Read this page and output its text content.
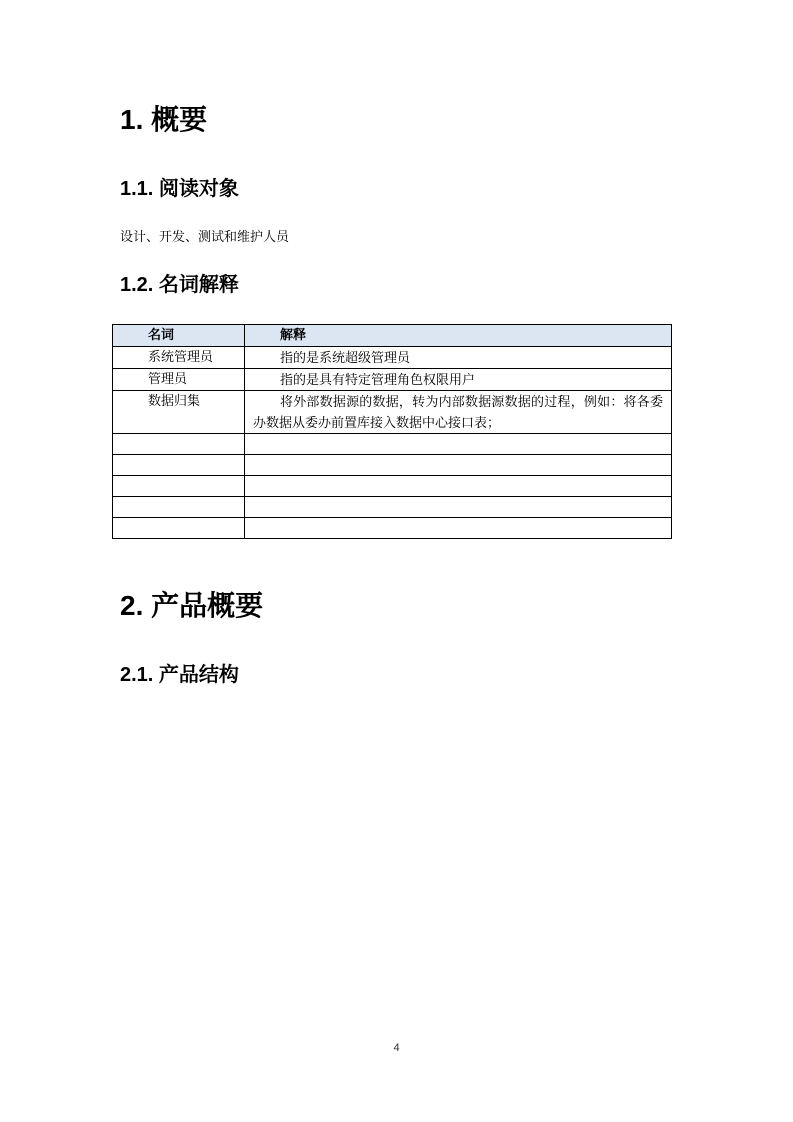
1. 概要
1.1. 阅读对象

设计、开发、测试和维护人员

1.2. 名词解释
名词	解释
系统管理员	指的是系统超级管理员
管理员	指的是具有特定管理角色权限用户
数据归集	将外部数据源的数据，转为内部数据源数据的过程，例如：将各委办数据从委办前置库接入数据中心接口表；

2. 产品概要
2.1. 产品结构
4
